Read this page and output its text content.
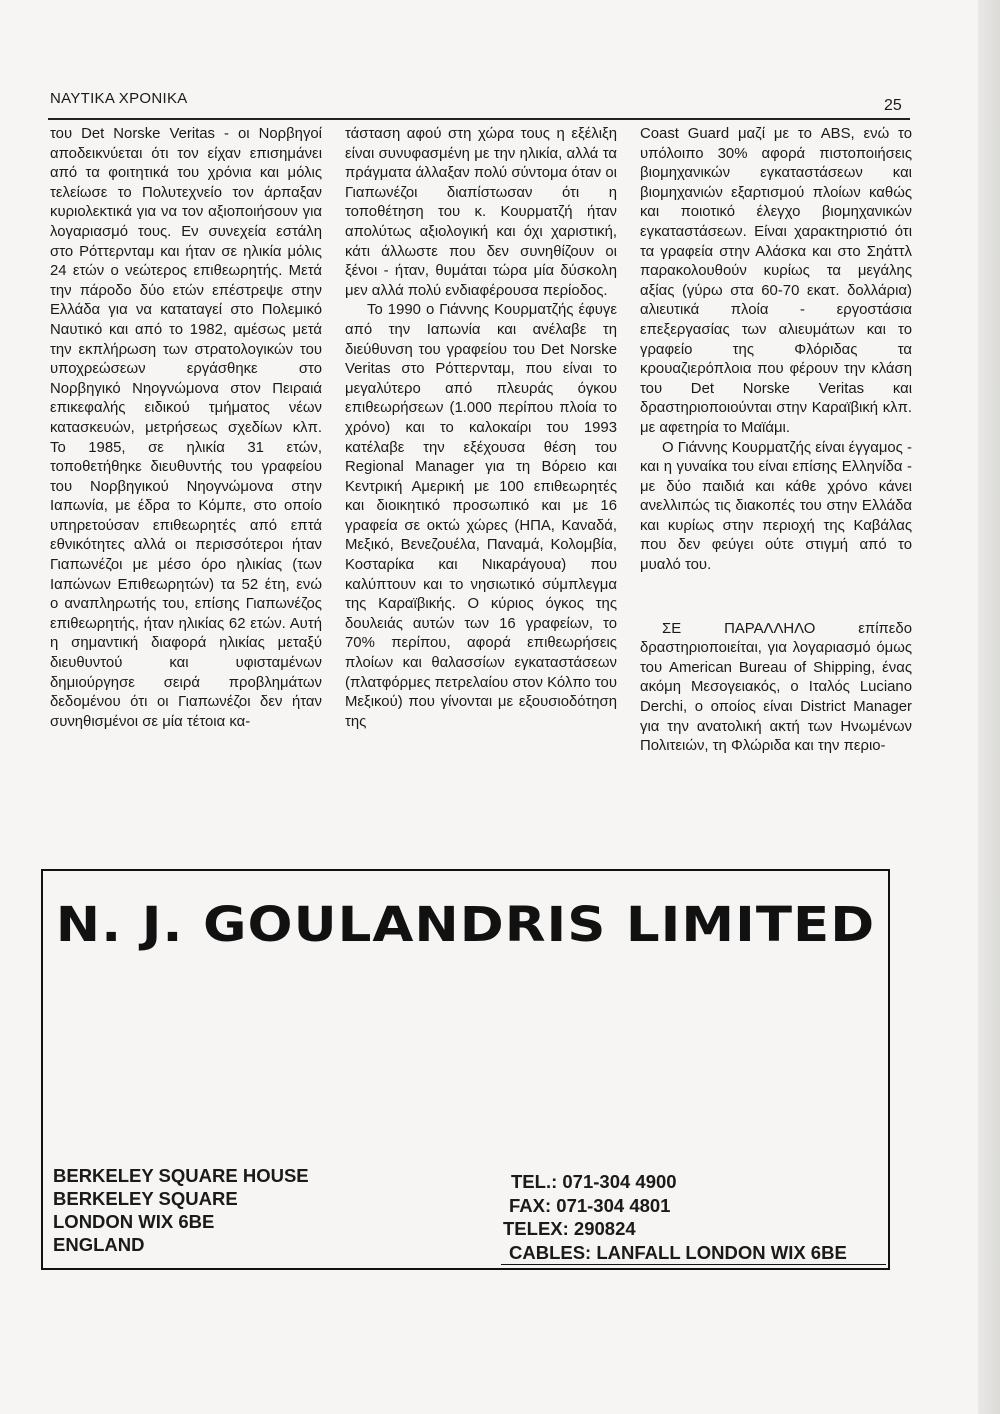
ΝΑΥΤΙΚΑ ΧΡΟΝΙΚΑ	25

του Det Norske Veritas - οι Νορβηγοί αποδεικνύεται ότι τον είχαν επισημάνει από τα φοιτητικά του χρόνια και μόλις τελείωσε το Πολυτεχνείο τον άρπαξαν κυριολεκτικά για να τον αξιοποιήσουν για λογαριασμό τους. Εν συνεχεία εστάλη στο Ρόττερνταμ και ήταν σε ηλικία μόλις 24 ετών ο νεώτερος επιθεωρητής. Μετά την πάροδο δύο ετών επέστρεψε στην Ελλάδα για να καταταγεί στο Πολεμικό Ναυτικό και από το 1982, αμέσως μετά την εκπλήρωση των στρατολογικών του υποχρεώσεων εργάσθηκε στο Νορβηγικό Νηογνώμονα στον Πειραιά επικεφαλής ειδικού τμήματος νέων κατασκευών, μετρήσεως σχεδίων κλπ. Το 1985, σε ηλικία 31 ετών, τοποθετήθηκε διευθυντής του γραφείου του Νορβηγικού Νηογνώμονα στην Ιαπωνία, με έδρα το Κόμπε, στο οποίο υπηρετούσαν επιθεωρητές από επτά εθνικότητες αλλά οι περισσότεροι ήταν Γιαπωνέζοι με μέσο όρο ηλικίας (των Ιαπώνων Επιθεωρητών) τα 52 έτη, ενώ ο αναπληρωτής του, επίσης Γιαπωνέζος επιθεωρητής, ήταν ηλικίας 62 ετών. Αυτή η σημαντική διαφορά ηλικίας μεταξύ διευθυντού και υφισταμένων δημιούργησε σειρά προβλημάτων δεδομένου ότι οι Γιαπωνέζοι δεν ήταν συνηθισμένοι σε μία τέτοια κα-

τάσταση αφού στη χώρα τους η εξέλιξη είναι συνυφασμένη με την ηλικία, αλλά τα πράγματα άλλαξαν πολύ σύντομα όταν οι Γιαπωνέζοι διαπίστωσαν ότι η τοποθέτηση του κ. Κουρματζή ήταν απολύτως αξιολογική και όχι χαριστική, κάτι άλλωστε που δεν συνηθίζουν οι ξένοι - ήταν, θυμάται τώρα μία δύσκολη μεν αλλά πολύ ενδιαφέρουσα περίοδος.

Το 1990 ο Γιάννης Κουρματζής έφυγε από την Ιαπωνία και ανέλαβε τη διεύθυνση του γραφείου του Det Norske Veritas στο Ρόττερνταμ, που είναι το μεγαλύτερο από πλευράς όγκου επιθεωρήσεων (1.000 περίπου πλοία το χρόνο) και το καλοκαίρι του 1993 κατέλαβε την εξέχουσα θέση του Regional Manager για τη Βόρειο και Κεντρική Αμερική με 100 επιθεωρητές και διοικητικό προσωπικό και με 16 γραφεία σε οκτώ χώρες (ΗΠΑ, Καναδά, Μεξικό, Βενεζουέλα, Παναμά, Κολομβία, Κοσταρίκα και Νικαράγουα) που καλύπτουν και το νησιωτικό σύμπλεγμα της Καραϊβικής. Ο κύριος όγκος της δουλειάς αυτών των 16 γραφείων, το 70% περίπου, αφορά επιθεωρήσεις πλοίων και θαλασσίων εγκαταστάσεων (πλατφόρμες πετρελαίου στον Κόλπο του Μεξικού) που γίνονται με εξουσιοδότηση της

Coast Guard μαζί με το ABS, ενώ το υπόλοιπο 30% αφορά πιστοποιήσεις βιομηχανικών εγκαταστάσεων και βιομηχανιών εξαρτισμού πλοίων καθώς και ποιοτικό έλεγχο βιομηχανικών εγκαταστάσεων. Είναι χαρακτηριστιό ότι τα γραφεία στην Αλάσκα και στο Σηάττλ παρακολουθούν κυρίως τα μεγάλης αξίας (γύρω στα 60-70 εκατ. δολλάρια) αλιευτικά πλοία - εργοστάσια επεξεργασίας των αλιευμάτων και το γραφείο της Φλόριδας τα κρουαζιερόπλοια που φέρουν την κλάση του Det Norske Veritas και δραστηριοποιούνται στην Καραϊβική κλπ. με αφετηρία το Μαϊάμι.

Ο Γιάννης Κουρματζής είναι έγγαμος - και η γυναίκα του είναι επίσης Ελληνίδα - με δύο παιδιά και κάθε χρόνο κάνει ανελλιπώς τις διακοπές του στην Ελλάδα και κυρίως στην περιοχή της Καβάλας που δεν φεύγει ούτε στιγμή από το μυαλό του.

ΣΕ ΠΑΡΑΛΛΗΛΟ επίπεδο δραστηριοποιείται, για λογαριασμό όμως του American Bureau of Shipping, ένας ακόμη Μεσογειακός, ο Ιταλός Luciano Derchi, ο οποίος είναι District Manager για την ανατολική ακτή των Ηνωμένων Πολιτειών, τη Φλώριδα και την περιο-

N. J. GOULANDRIS LIMITED
BERKELEY SQUARE HOUSE
BERKELEY SQUARE
LONDON WIX 6BE
ENGLAND
TEL.: 071-304 4900
FAX: 071-304 4801
TELEX: 290824
CABLES: LANFALL LONDON WIX 6BE
